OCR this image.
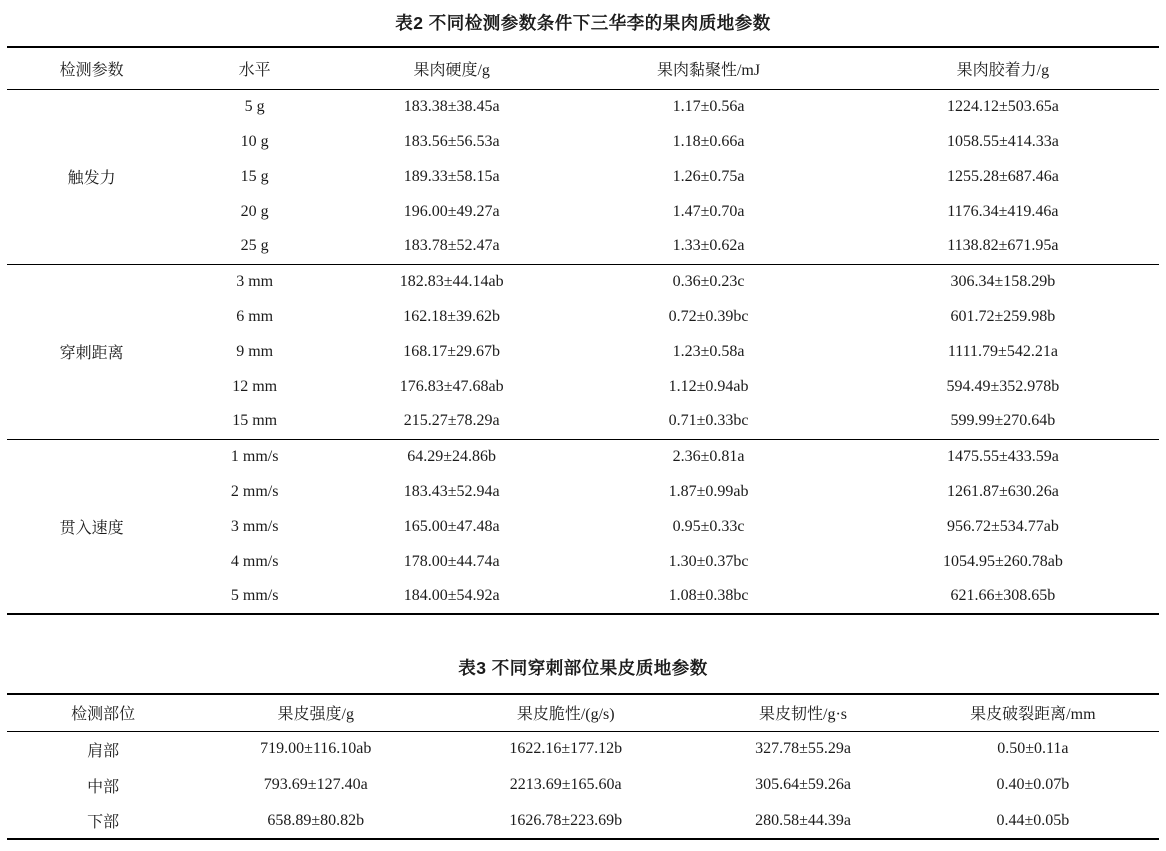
表2 不同检测参数条件下三华李的果肉质地参数
检测参数	水平	果肉硬度/g	果肉黏聚性/mJ	果肉胶着力/g
触发力	5 g	183.38±38.45a	1.17±0.56a	1224.12±503.65a
	10 g	183.56±56.53a	1.18±0.66a	1058.55±414.33a
	15 g	189.33±58.15a	1.26±0.75a	1255.28±687.46a
	20 g	196.00±49.27a	1.47±0.70a	1176.34±419.46a
	25 g	183.78±52.47a	1.33±0.62a	1138.82±671.95a
穿刺距离	3 mm	182.83±44.14ab	0.36±0.23c	306.34±158.29b
	6 mm	162.18±39.62b	0.72±0.39bc	601.72±259.98b
	9 mm	168.17±29.67b	1.23±0.58a	1111.79±542.21a
	12 mm	176.83±47.68ab	1.12±0.94ab	594.49±352.978b
	15 mm	215.27±78.29a	0.71±0.33bc	599.99±270.64b
贯入速度	1 mm/s	64.29±24.86b	2.36±0.81a	1475.55±433.59a
	2 mm/s	183.43±52.94a	1.87±0.99ab	1261.87±630.26a
	3 mm/s	165.00±47.48a	0.95±0.33c	956.72±534.77ab
	4 mm/s	178.00±44.74a	1.30±0.37bc	1054.95±260.78ab
	5 mm/s	184.00±54.92a	1.08±0.38bc	621.66±308.65b
表3 不同穿刺部位果皮质地参数
检测部位	果皮强度/g	果皮脆性/(g/s)	果皮韧性/g·s	果皮破裂距离/mm
肩部	719.00±116.10ab	1622.16±177.12b	327.78±55.29a	0.50±0.11a
中部	793.69±127.40a	2213.69±165.60a	305.64±59.26a	0.40±0.07b
下部	658.89±80.82b	1626.78±223.69b	280.58±44.39a	0.44±0.05b
